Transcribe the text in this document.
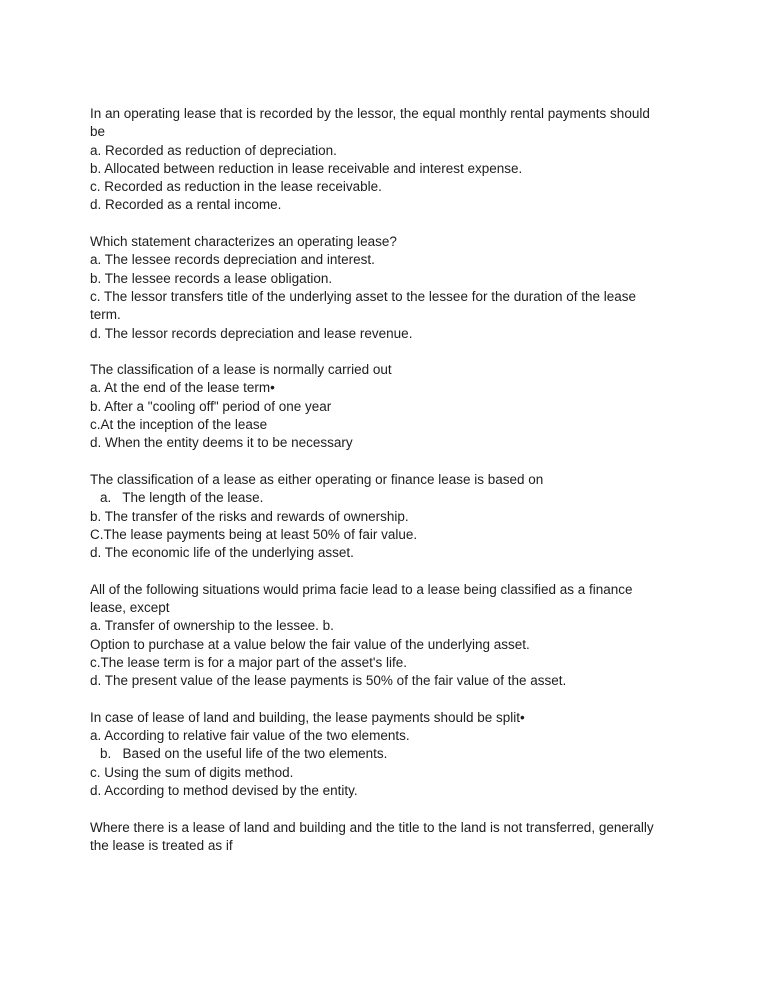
In an operating lease that is recorded by the lessor, the equal monthly rental payments should

be

a. Recorded as reduction of depreciation.

b. Allocated between reduction in lease receivable and interest expense.

c. Recorded as reduction in the lease receivable.

d. Recorded as a rental income.

Which statement characterizes an operating lease?

a. The lessee records depreciation and interest.

b. The lessee records a lease obligation.

c. The lessor transfers title of the underlying asset to the lessee for the duration of the lease

term.

d. The lessor records depreciation and lease revenue.

The classification of a lease is normally carried out

a. At the end of the lease term•

b. After a "cooling off" period of one year

c.At the inception of the lease

d. When the entity deems it to be necessary

The classification of a lease as either operating or finance lease is based on

a.   The length of the lease.

b. The transfer of the risks and rewards of ownership.

C.The lease payments being at least 50% of fair value.

d. The economic life of the underlying asset.

All of the following situations would prima facie lead to a lease being classified as a finance

lease, except

a. Transfer of ownership to the lessee. b.

Option to purchase at a value below the fair value of the underlying asset.

c.The lease term is for a major part of the asset's life.

d. The present value of the lease payments is 50% of the fair value of the asset.

In case of lease of land and building, the lease payments should be split•

a. According to relative fair value of the two elements.

b.   Based on the useful life of the two elements.

c. Using the sum of digits method.

d. According to method devised by the entity.

Where there is a lease of land and building and the title to the land is not transferred, generally

the lease is treated as if
